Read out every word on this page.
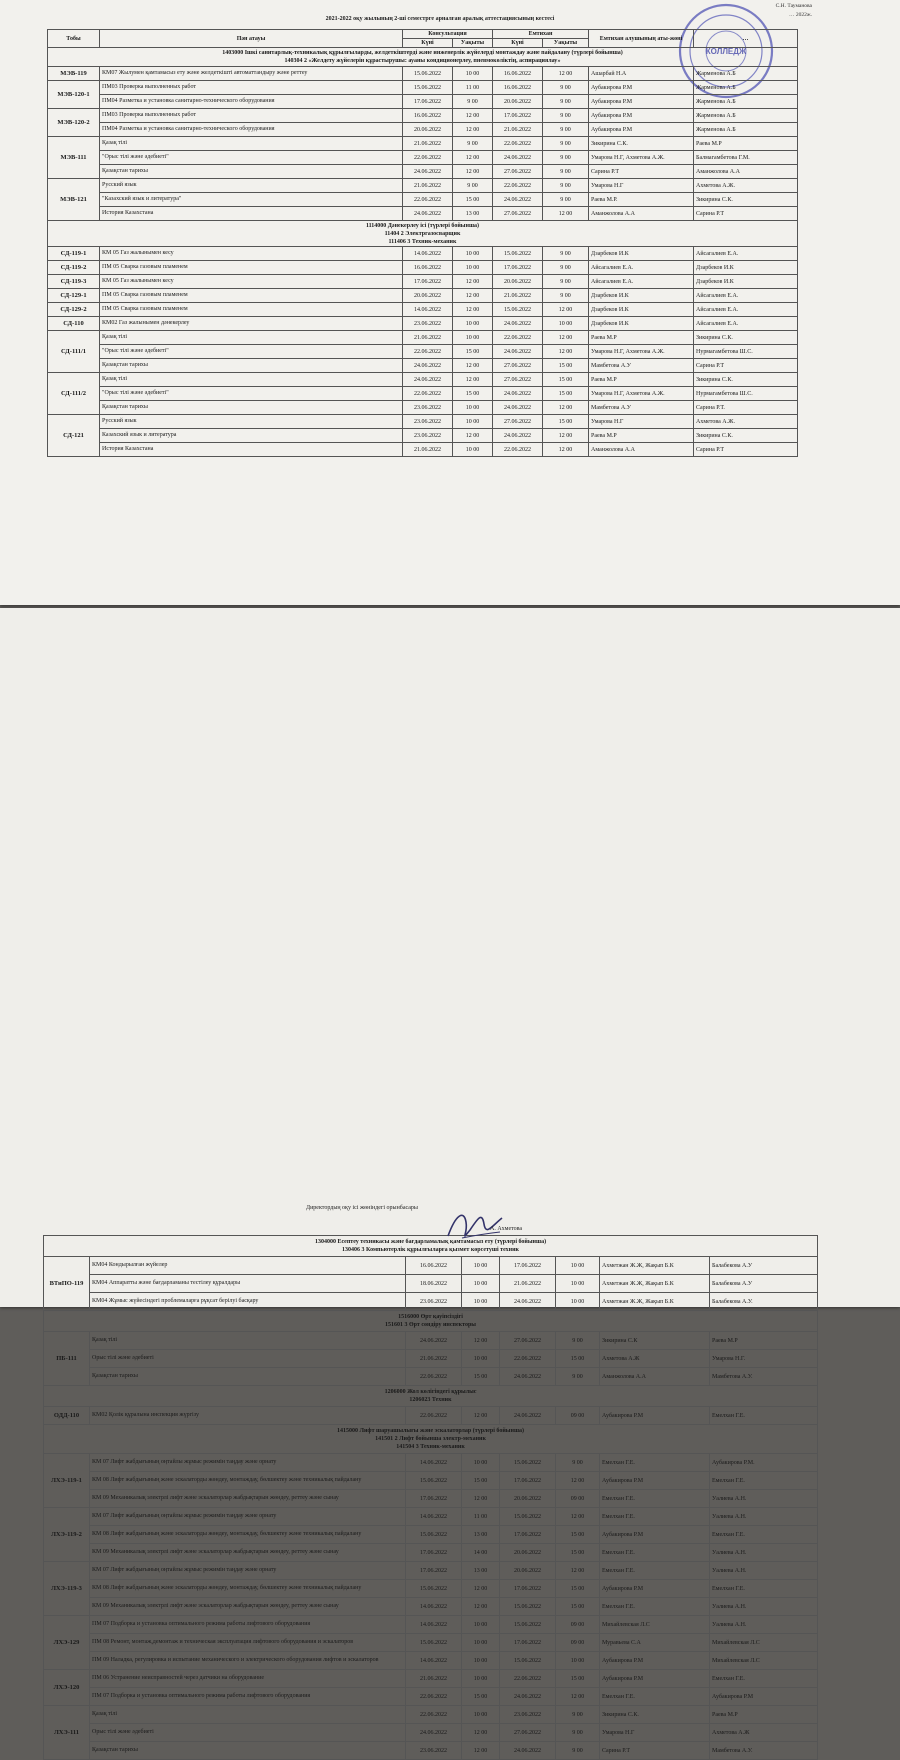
2021-2022 оқу жылының 2-ші семестрге арналған аралық аттестациясының кестесі
С.Н. Тауманова
… 2022ж.
КОЛЛЕДЖ
Тобы	Пән атауы	Консультация		Емтихан		Емтихан алушының аты-жөні	…
		Күні	Уақыты	Күні	Уақыты		

1403000 Ішкі санитарлық-техникалық құрылғыларды, желдеткіштерді және инженерлік жүйелерді монтаждау және пайдалану (түрлері бойынша)
140304 2 «Желдету жүйелерін құрастырушы: ауаны кондиционерлеу, пневмокөліктің, аспирациялау»							

МЭВ-119	КМ07 Жылумен қамтамасыз ету және желдеткішті автоматтандыру және реттеу	15.06.2022	10 00	16.06.2022	12 00	Ашарбай Н.А	Жарменова А.Б
МЭВ-120-1	ПМ03 Проверка выполненных работ	15.06.2022	11 00	16.06.2022	9 00	Аубакирова Р.М	Жарменова А.Б
	ПМ04 Разметка и установка санитарно-технического оборудования	17.06.2022	9 00	20.06.2022	9 00	Аубакирова Р.М	Жарменова А.Б
МЭВ-120-2	ПМ03 Проверка выполненных работ	16.06.2022	12 00	17.06.2022	9 00	Аубакирова Р.М	Жарменова А.Б
	ПМ04 Разметка и установка санитарно-технического оборудования	20.06.2022	12 00	21.06.2022	9 00	Аубакирова Р.М	Жарменова А.Б
МЭВ-111	Қазақ тілі	21.06.2022	9 00	22.06.2022	9 00	Зикирина С.К.	Раева М.Р
	"Орыс тілі және әдебиеті"	22.06.2022	12 00	24.06.2022	9 00	Умарова Н.Г, Ахметова А.Ж.	Балмагамбетова Г.М.
	Қазақстан тарихы	24.06.2022	12 00	27.06.2022	9 00	Сарина Р.Т	Аманжолова А.А
МЭВ-121	Русский язык	21.06.2022	9 00	22.06.2022	9 00	Умарова Н.Г	Ахметова А.Ж.
	"Казахский язык и литература"	22.06.2022	15 00	24.06.2022	9 00	Раева М.Р.	Зикирина С.К.
	История Казахстана	24.06.2022	13 00	27.06.2022	12 00	Аманжолова А.А	Сарина Р.Т

1114000 Дәнекерлеу ісі (түрлері бойынша)
11404 2 Электргазосварщик
111406 3 Техник-механик							

СД-119-1	КМ 05 Газ жалынымен кесу	14.06.2022	10 00	15.06.2022	9 00	Дзарбеков И.К	Айсагалиев Е.А.
СД-119-2	ПМ 05 Сварка газовым пламенем	16.06.2022	10 00	17.06.2022	9 00	Айсагалиев Е.А.	Дзарбеков И.К
СД-119-3	КМ 05 Газ жалынымен кесу	17.06.2022	12 00	20.06.2022	9 00	Айсагалиев Е.А.	Дзарбеков И.К
СД-129-1	ПМ 05 Сварка газовым пламенем	20.06.2022	12 00	21.06.2022	9 00	Дзарбеков И.К	Айсагалиев Е.А.
СД-129-2	ПМ 05 Сварка газовым пламенем	14.06.2022	12 00	15.06.2022	12 00	Дзарбеков И.К	Айсагалиев Е.А.
СД-110	КМ02 Газ жалынымен дәнекерлеу	23.06.2022	10 00	24.06.2022	10 00	Дзарбеков И.К	Айсагалиев Е.А.
СД-111/1	Қазақ тілі	21.06.2022	10 00	22.06.2022	12 00	Раева М.Р	Зикирина С.К.
	"Орыс тілі және әдебиеті"	22.06.2022	15 00	24.06.2022	12 00	Умарова Н.Г, Ахметова А.Ж.	Нурмагамбетова Ш.С.
	Қазақстан тарихы	24.06.2022	12 00	27.06.2022	15 00	Мамбетова А.У	Сарина Р.Т
СД-111/2	Қазақ тілі	24.06.2022	12 00	27.06.2022	15 00	Раева М.Р	Зикирина С.К.
	"Орыс тілі және әдебиеті"	22.06.2022	15 00	24.06.2022	15 00	Умарова Н.Г, Ахметова А.Ж.	Нурмагамбетова Ш.С.
	Қазақстан тарихы	23.06.2022	10 00	24.06.2022	12 00	Мамбетова А.У	Сарина Р.Т.
СД-121	Русский язык	23.06.2022	10 00	27.06.2022	15 00	Умарова Н.Г	Ахметова А.Ж.
	Казахский язык и литература	23.06.2022	12 00	24.06.2022	12 00	Раева М.Р	Зикирина С.К.
	История Казахстана	21.06.2022	10 00	22.06.2022	12 00	Аманжолова А.А	Сарина Р.Т
1304000 Есептеу техникасы және бағдарламалық қамтамасыз ету (түрлері бойынша)
130406 3 Компьютерлік құрылғыларға қызмет көрсетуші техник							

ВТиПО-119	КМ04 Кондырылған жүйелер	16.06.2022	10 00	17.06.2022	10 00	Ахметжан Ж.Ж, Жақып Б.К	Балабекова А.У
	КМ04 Аппаратты және бағдарламаны тестілеу құралдары	18.06.2022	10 00	21.06.2022	10 00	Ахметжан Ж.Ж, Жақып Б.К	Балабекова А.У
	КМ04 Жұмыс жүйесіндегі проблемаларға рұқсат берілуі басқару	23.06.2022	10 00	24.06.2022	10 00	Ахметжан Ж.Ж, Жақып Б.К	Балабекова А.У.

1516000 Өрт қауіпсіздігі
151601 3 Өрт сөндіру инспекторы							

ПБ-111	Қазақ тілі	24.06.2022	12 00	27.06.2022	9 00	Зикирина С.К	Раева М.Р
	Орыс тілі және әдебиеті	21.06.2022	10 00	22.06.2022	15 00	Ахметова А.Ж	Умарова Н.Г.
	Қазақстан тарихы	22.06.2022	15 00	24.06.2022	9 00	Аманжолова А.А	Мамбетова А.У.

1206000 Жол көлігіндегі құрылыс
1206023 Техник							

ОДД-110	КМ02 Қолік құралына инспекция жүргізу	22.06.2022	12 00	24.06.2022	09 00	Аубакирова Р.М	Емелхан Г.Е.

1415000 Лифт шаруашылығы және эскалаторлар (түрлері бойынша)
141501 2 Лифт бойынша электр-механик
141504 3 Техник-механик							

ЛХЭ-119-1	КМ 07 Лифт жабдығының оңтайлы жұмыс режимін таңдау және орнату	14.06.2022	10 00	15.06.2022	9 00	Емелхан Г.Е.	Аубакирова Р.М.
	КМ 08 Лифт жабдығының және эскалаторды жөндеу, монтаждау, бөлшектеу және техникалық пайдалану	15.06.2022	15 00	17.06.2022	12 00	Аубакирова Р.М	Емелхан Г.Е.
	КМ 09 Механикалық электрлі лифт және эскалаторлар жабдықтарын жөндеу, реттеу және сынау	17.06.2022	12 00	20.06.2022	09 00	Емелхан Г.Е.	Уалиева А.Н.
ЛХЭ-119-2	КМ 07 Лифт жабдығының оңтайлы жұмыс режимін таңдау және орнату	14.06.2022	11 00	15.06.2022	12 00	Емелхан Г.Е.	Уалиева А.Н.
	КМ 08 Лифт жабдығының және эскалаторды жөндеу, монтаждау, бөлшектеу және техникалық пайдалану	15.06.2022	13 00	17.06.2022	15 00	Аубакирова Р.М	Емелхан Г.Е.
	КМ 09 Механикалық электрлі лифт және эскалаторлар жабдықтарын жөндеу, реттеу және сынау	17.06.2022	14 00	20.06.2022	15 00	Емелхан Г.Е.	Уалиева А.Н.
ЛХЭ-119-3	КМ 07 Лифт жабдығының оңтайлы жұмыс режимін таңдау және орнату	17.06.2022	13 00	20.06.2022	12 00	Емелхан Г.Е.	Уалиева А.Н.
	КМ 08 Лифт жабдығының және эскалаторды жөндеу, монтаждау, бөлшектеу және техникалық пайдалану	15.06.2022	12 00	17.06.2022	15 00	Аубакирова Р.М	Емелхан Г.Е.
	КМ 09 Механикалық электрлі лифт және эскалаторлар жабдықтарын жөндеу, реттеу және сынау	14.06.2022	12 00	15.06.2022	15 00	Емелхан Г.Е.	Уалиева А.Н.
ЛХЭ-129	ПМ 07 Подборка и установка оптимального режима работы лифтового оборудования	14.06.2022	10 00	15.06.2022	09 00	Михайлевская Л.С	Уалиева А.Н.
	ПМ 08 Ремонт, монтаж,демонтаж и техническая эксплуатация лифтового оборудования и эскалаторов	15.06.2022	10 00	17.06.2022	09 00	Муравьева С.А	Михайлевская Л.С
	ПМ 09 Наладка, регулировка и испытание механического и электрического оборудования лифтов и эскалаторов	14.06.2022	10 00	15.06.2022	10 00	Аубакирова Р.М	Михайлевская Л.С
ЛХЭ-120	ПМ 06 Устранение неисправностей через датчики на оборудование	21.06.2022	10 00	22.06.2022	15 00	Аубакирова Р.М	Емелхан Г.Е.
	ПМ 07 Подборка и установка оптимального режима работы лифтового оборудования	22.06.2022	15 00	24.06.2022	12 00	Емелхан Г.Е.	Аубакирова Р.М
ЛХЭ-111	Қазақ тілі	22.06.2022	10 00	23.06.2022	9 00	Зикирина С.К.	Раева М.Р
	Орыс тілі және әдебиеті	24.06.2022	12 00	27.06.2022	9 00	Умарова Н.Г	Ахметова А.Ж
	Қазақстан тарихы	23.06.2022	12 00	24.06.2022	9 00	Сарина Р.Т	Мамбетова А.У.
Директордың оқу ісі жөніндегі орынбасары
А. Ахметова
